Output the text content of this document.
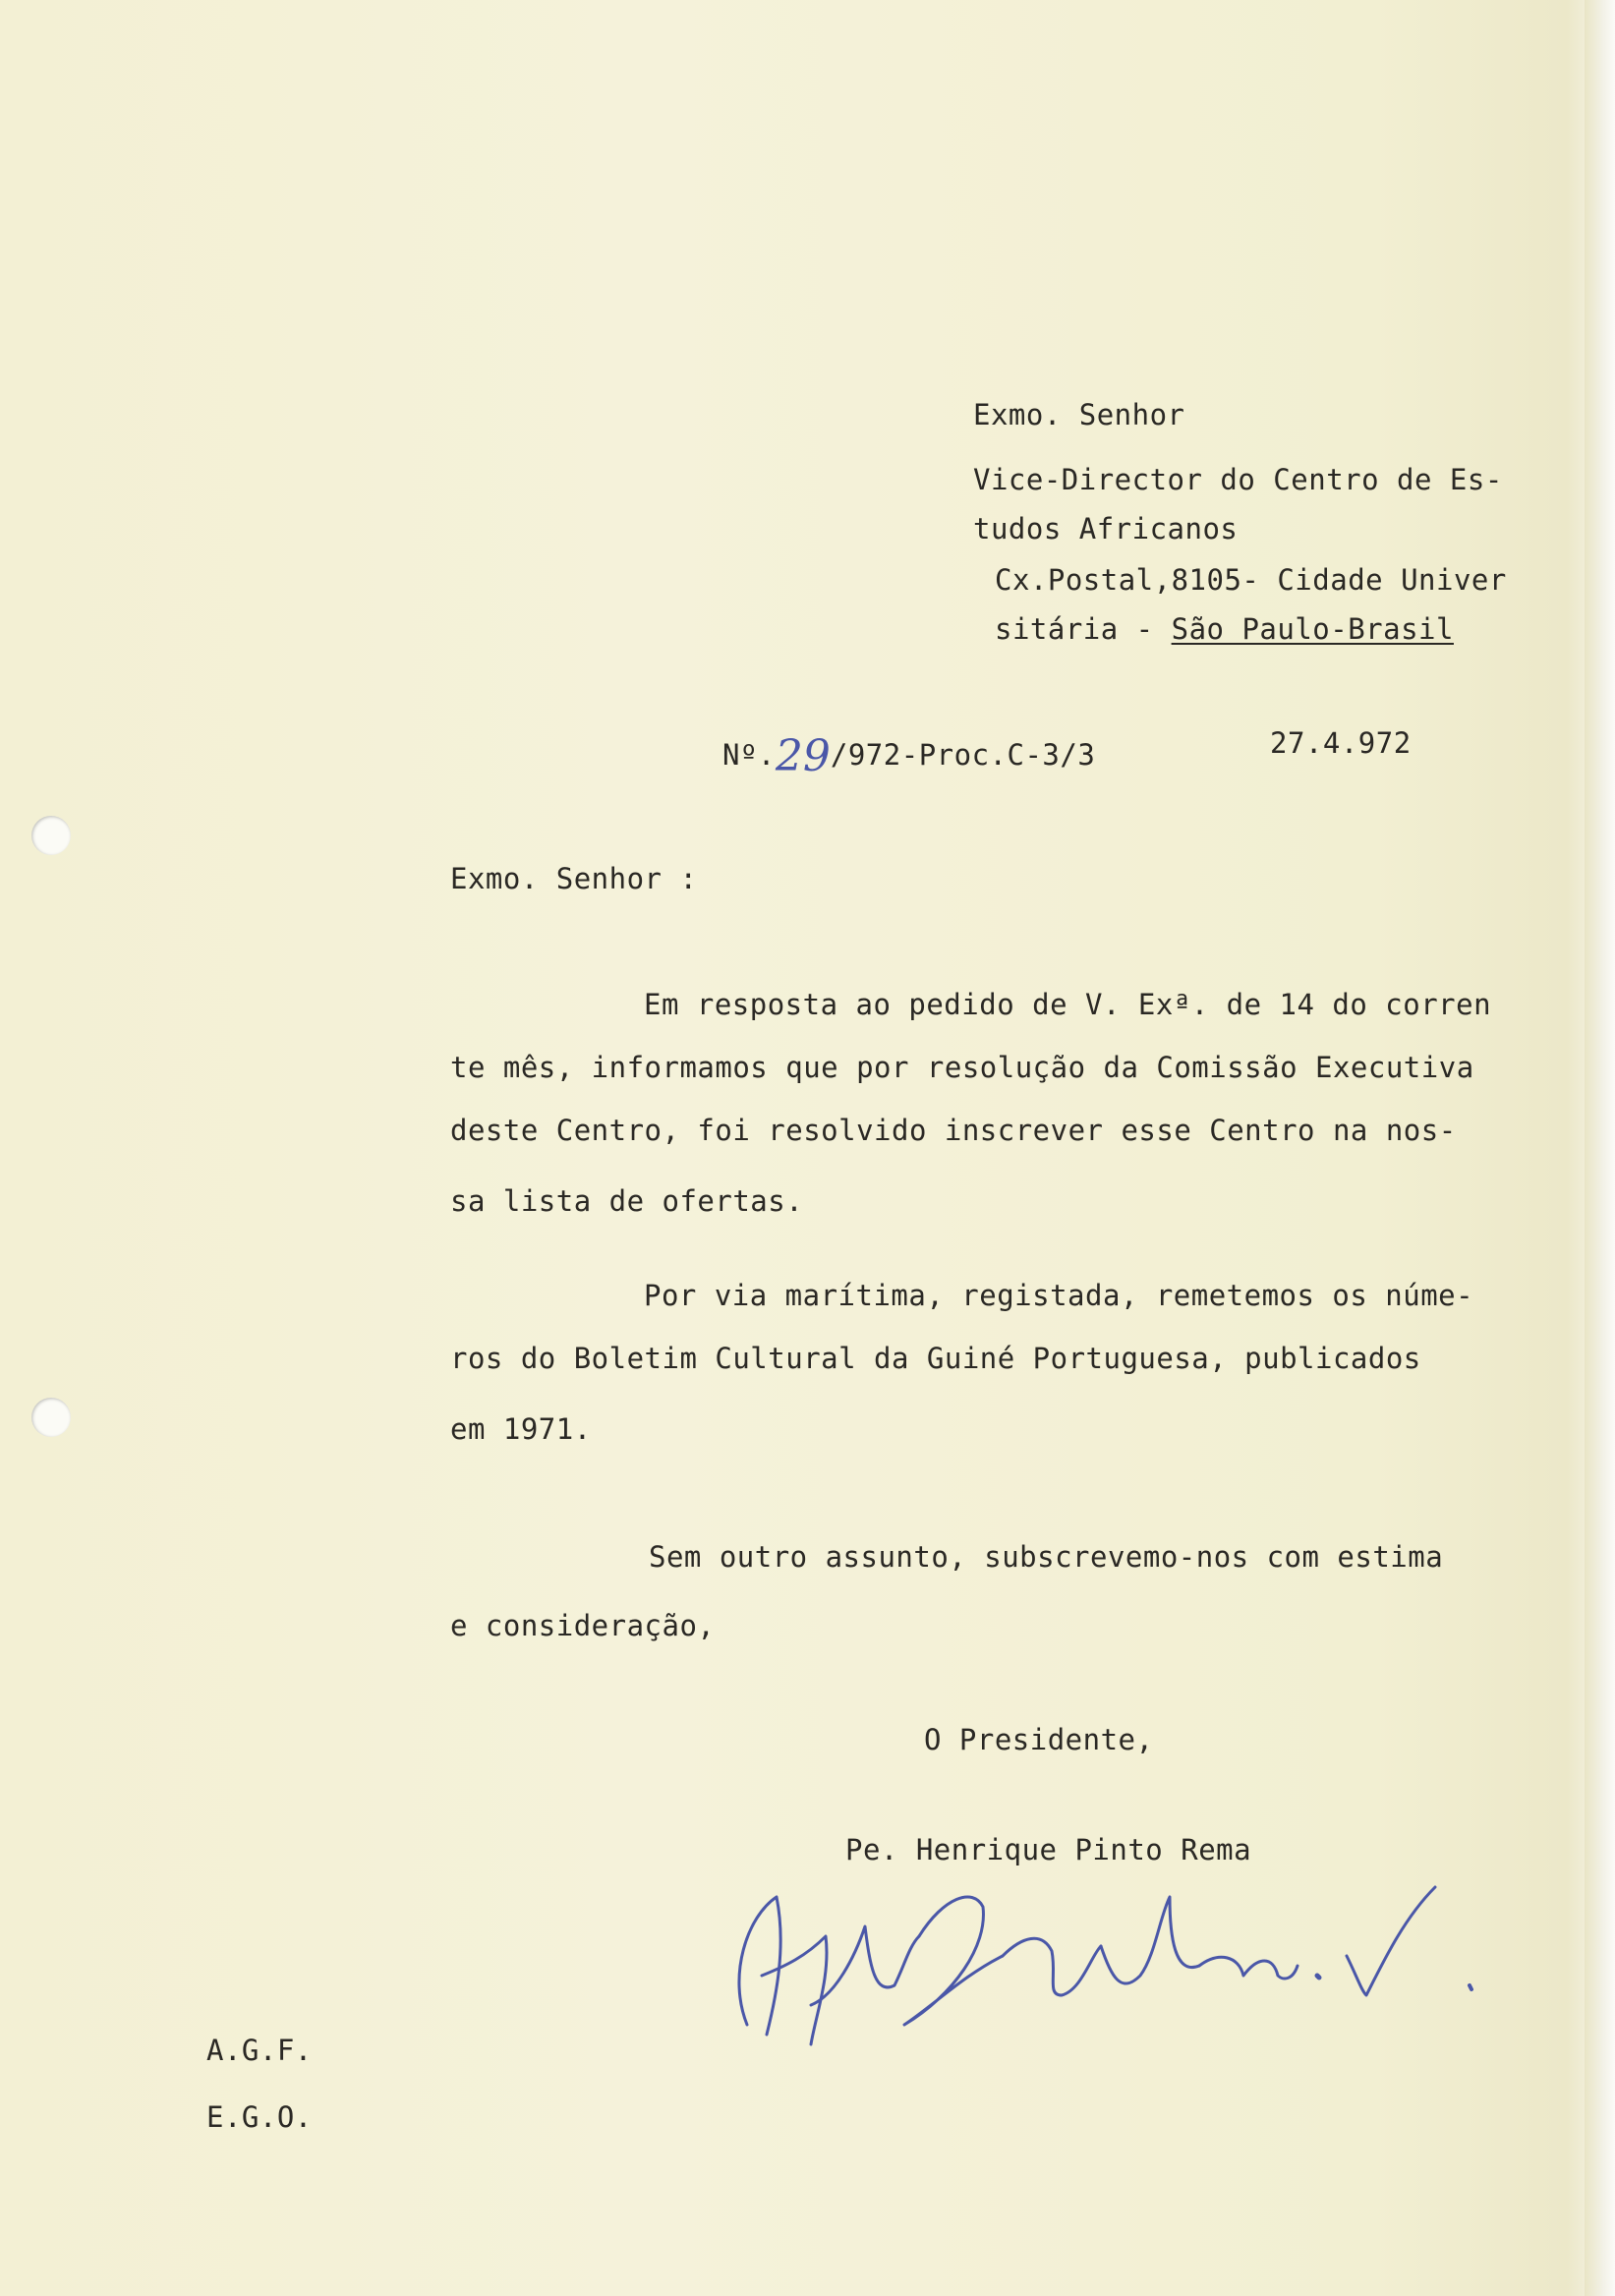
Exmo. Senhor
Vice-Director do Centro de Es-
tudos Africanos
Cx.Postal,8105- Cidade Univer
sitária - São Paulo-Brasil
Nº.29/972-Proc.C-3/3	27.4.972
Exmo. Senhor :
Em resposta ao pedido de V. Exª. de 14 do corren
te mês, informamos que por resolução da Comissão Executiva
deste Centro, foi resolvido inscrever esse Centro na nos-
sa lista de ofertas.
Por via marítima, registada, remetemos os núme-
ros do Boletim Cultural da Guiné Portuguesa, publicados
em 1971.
Sem outro assunto, subscrevemo-nos com estima
e consideração,
O Presidente,
Pe. Henrique Pinto Rema
A.G.F.
E.G.O.
